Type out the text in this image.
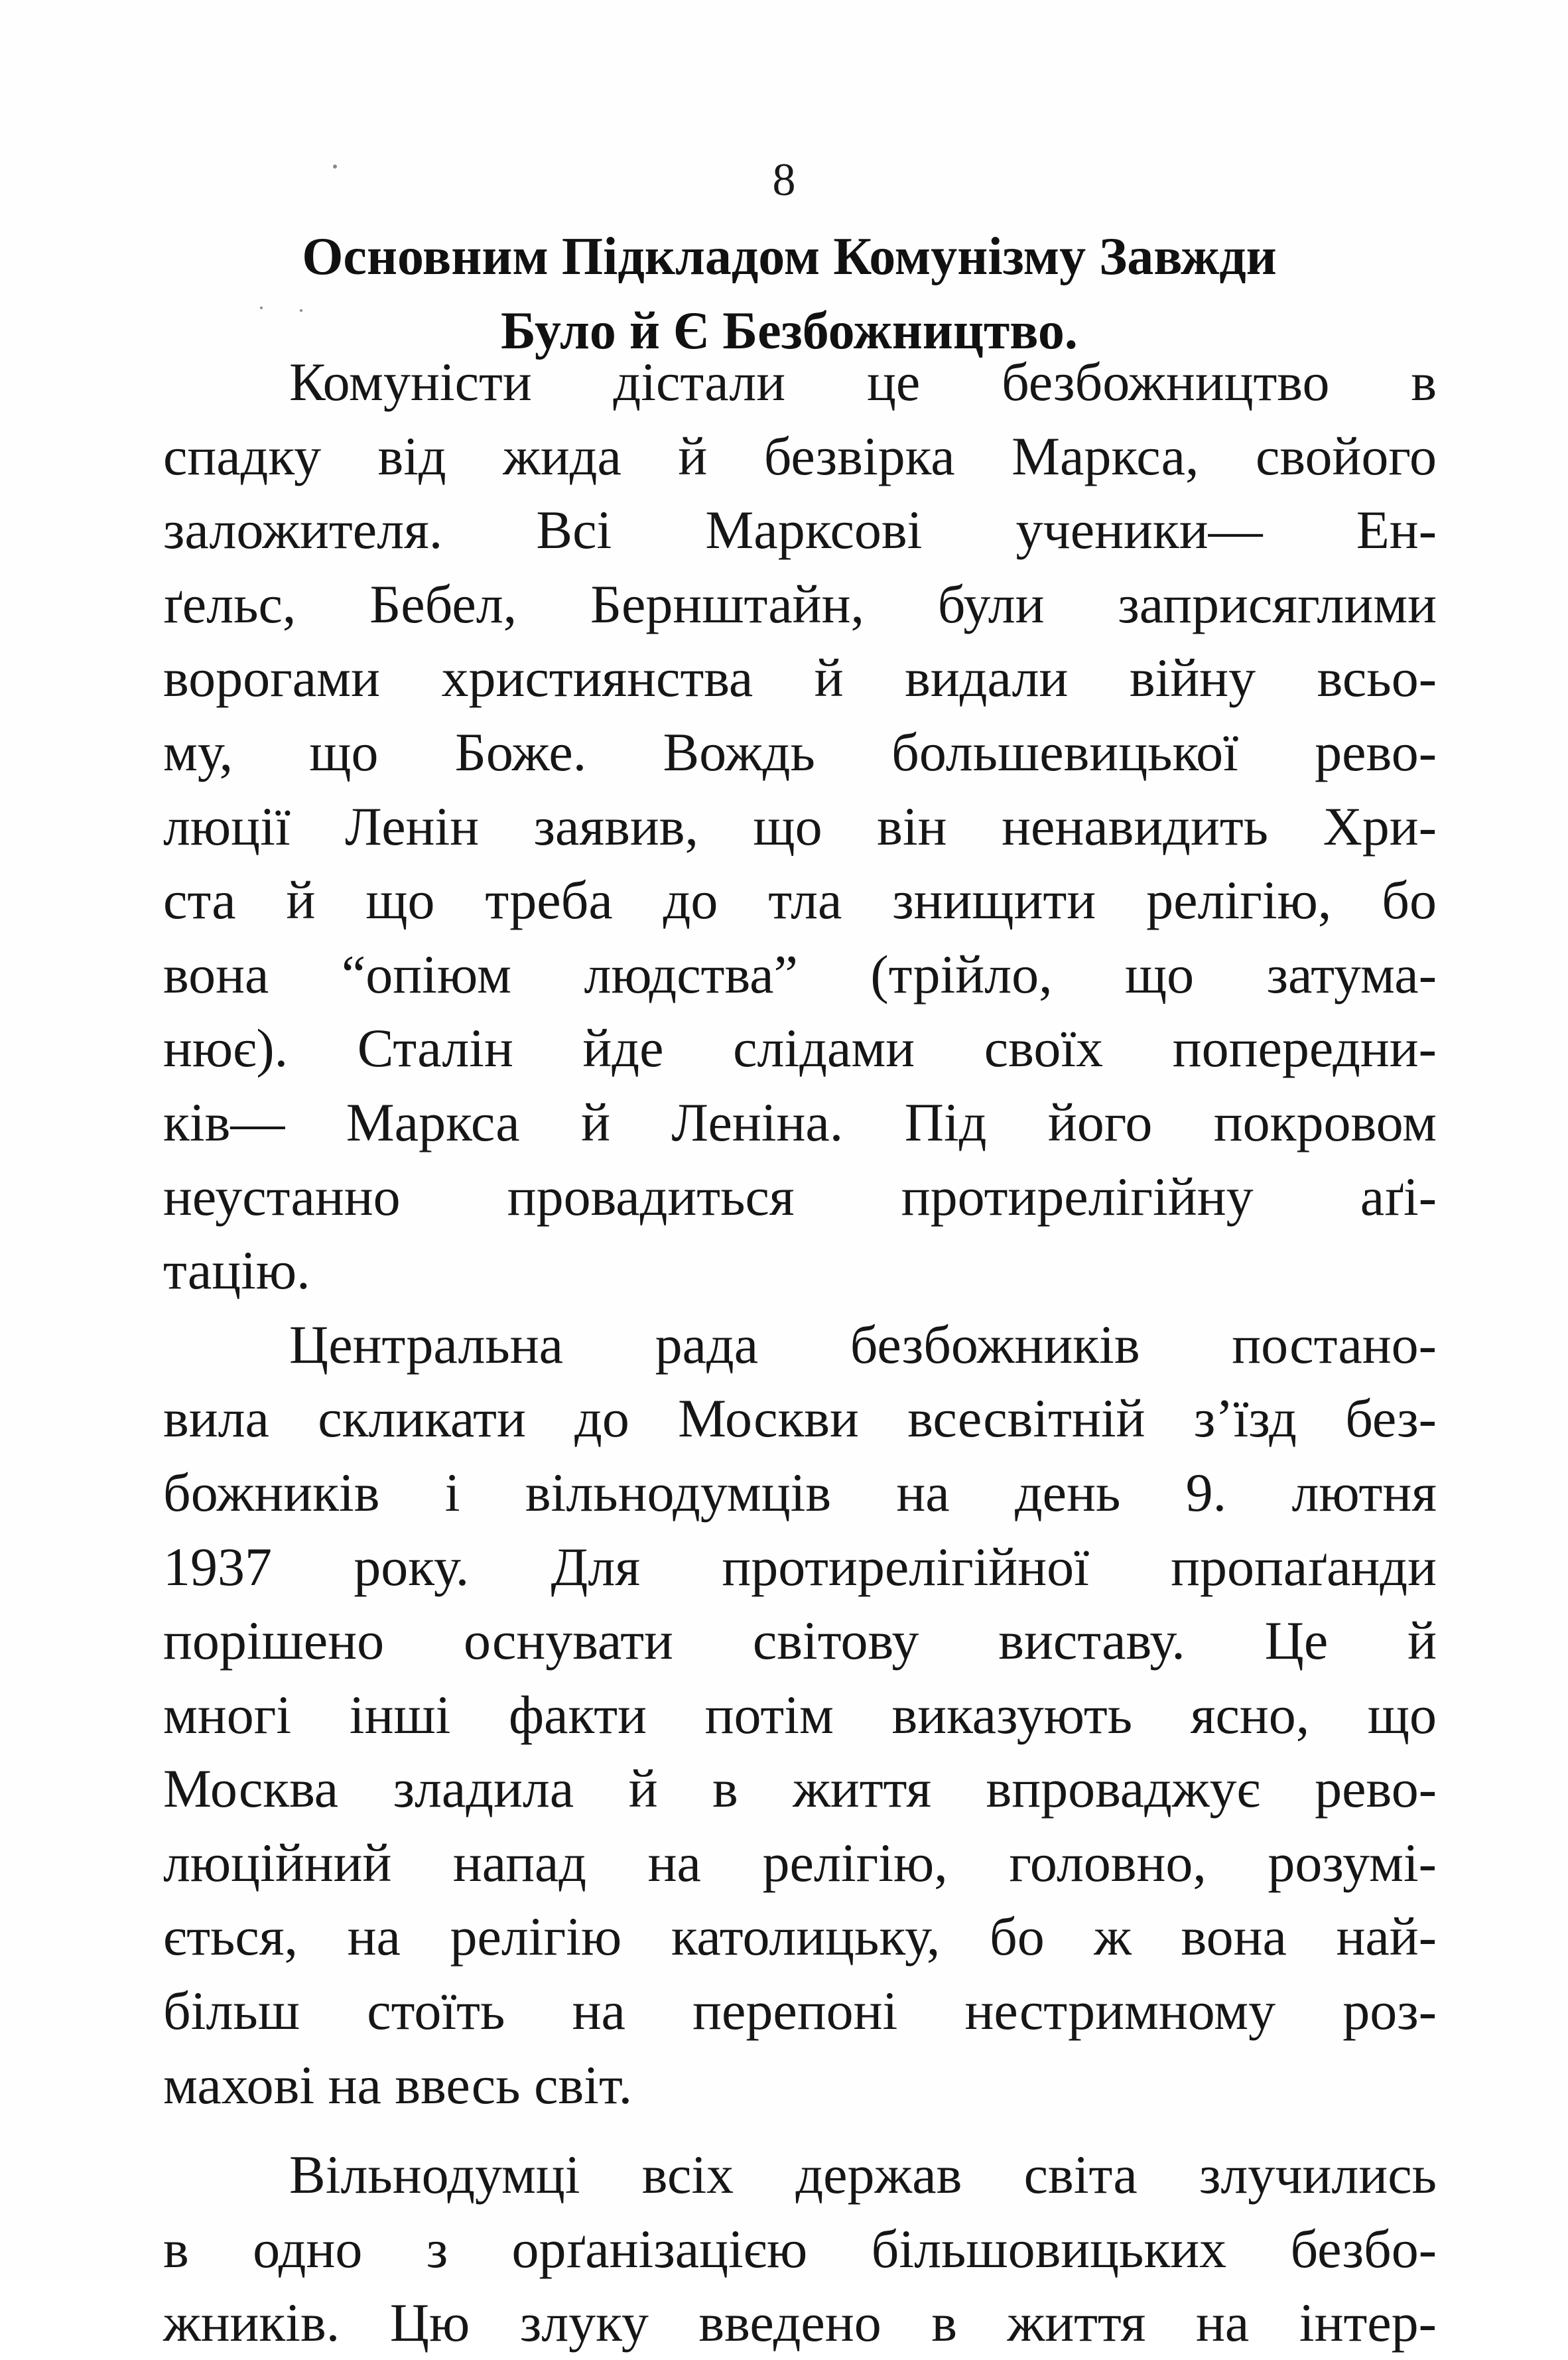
8
Основним Підкладом Комунізму Завжди
Було й Є Безбожництво.
Комуністи дістали це безбожництво в
спадку від жида й безвірка Маркса, свойого
заложителя. Всі Марксові ученики— Ен-
ґельс, Бебел, Бернштайн, були заприсяглими
ворогами християнства й видали війну всьо-
му, що Боже. Вождь большевицької рево-
люції Ленін заявив, що він ненавидить Хри-
ста й що треба до тла знищити релігію, бо
вона “опіюм людства” (трійло, що затума-
нює). Сталін йде слідами своїх попередни-
ків— Маркса й Леніна. Під його покровом
неустанно провадиться протирелігійну аґі-
тацію.
Центральна рада безбожників постано-
вила скликати до Москви всесвітній з’їзд без-
божників і вільнодумців на день 9. лютня
1937 року. Для протирелігійної пропаґанди
порішено оснувати світову виставу. Це й
многі інші факти потім виказують ясно, що
Москва зладила й в життя впроваджує рево-
люційний напад на релігію, головно, розумі-
ється, на релігію католицьку, бо ж вона най-
більш стоїть на перепоні нестримному роз-
махові на ввесь світ.
Вільнодумці всіх держав світа злучились
в одно з орґанізацією більшовицьких безбо-
жників. Цю злуку введено в життя на інтер-
